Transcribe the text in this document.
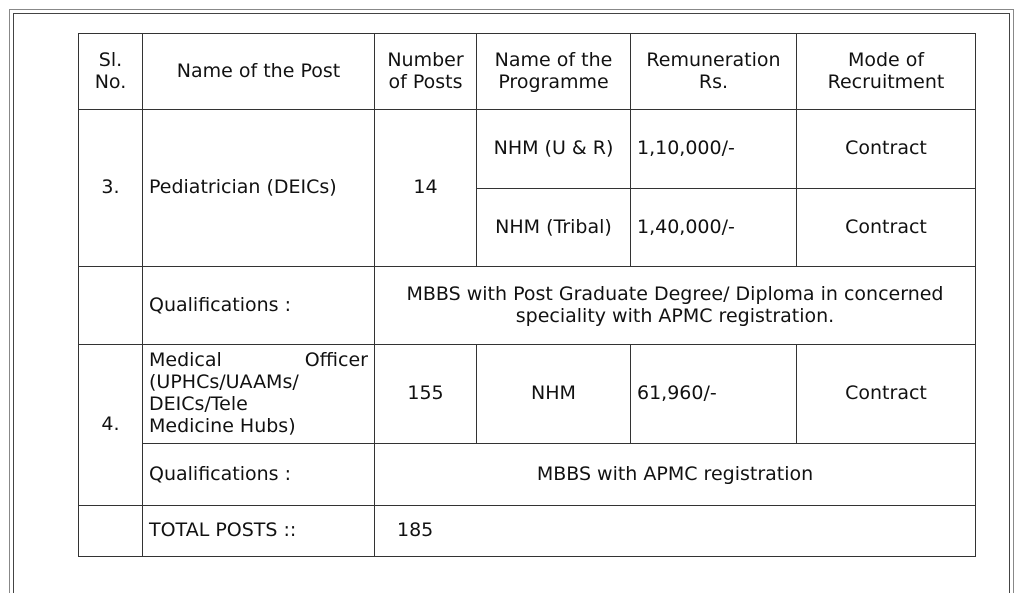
Sl. No.	Name of the Post	Number of Posts	Name of the Programme	Remuneration Rs.	Mode of Recruitment
3.	Pediatrician (DEICs)	14	NHM (U & R)	1,10,000/-	Contract
			NHM (Tribal)	1,40,000/-	Contract
	Qualifications :	MBBS with Post Graduate Degree/ Diploma in concerned speciality with APMC registration.			
4.	Medical Officer
(UPHCs/UAAMs/
DEICs/Tele
Medicine Hubs)	155	NHM	61,960/-	Contract
	Qualifications :	MBBS with APMC registration			
	TOTAL POSTS ::	185			
